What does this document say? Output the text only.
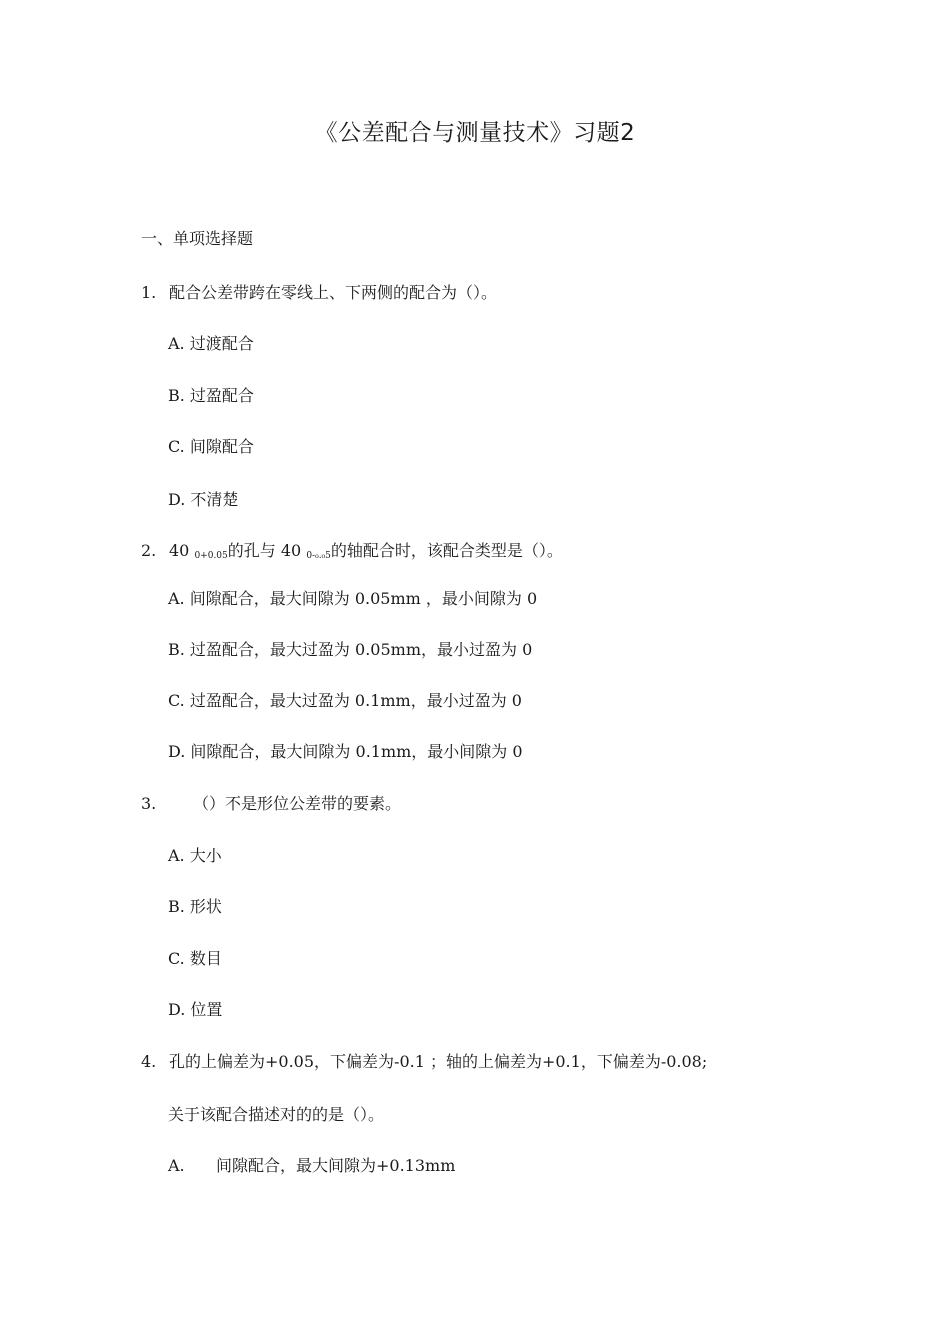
《公差配合与测量技术》习题2
一、单项选择题
1. 配合公差带跨在零线上、下两侧的配合为（）。
A. 过渡配合
B. 过盈配合
C. 间隙配合
D. 不清楚
2. 40 0+0.05的孔与 40 0-₀.₀5的轴配合时，该配合类型是（）。
A. 间隙配合，最大间隙为 0.05mm ，最小间隙为 0
B. 过盈配合，最大过盈为 0.05mm，最小过盈为 0
C. 过盈配合，最大过盈为 0.1mm，最小过盈为 0
D. 间隙配合，最大间隙为 0.1mm，最小间隙为 0
3. （）不是形位公差带的要素。
A. 大小
B. 形状
C. 数目
D. 位置
4. 孔的上偏差为+0.05，下偏差为-0.1 ；轴的上偏差为+0.1，下偏差为-0.08;
关于该配合描述对的的是（）。
A. 间隙配合，最大间隙为+0.13mm
